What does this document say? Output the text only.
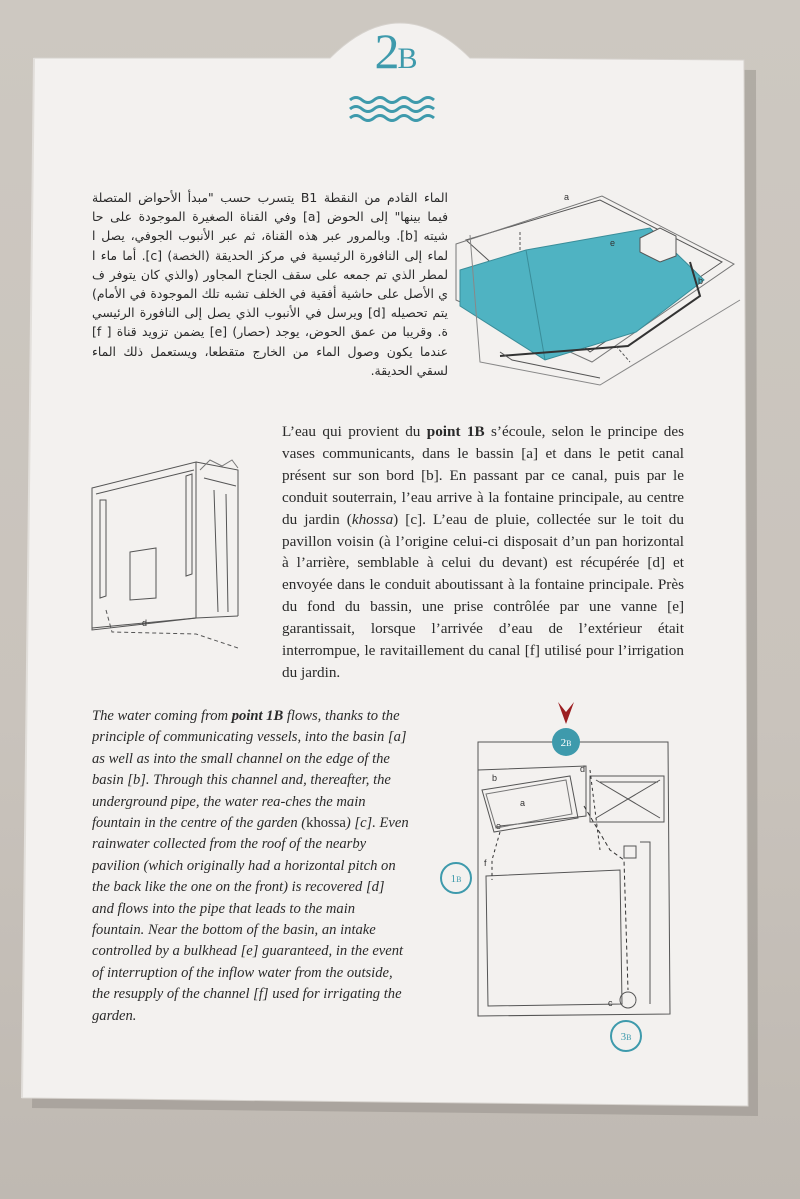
a
e
b
d
b
a
e
d
f
c
2B
1B
3B
2B
الماء القادم من النقطة B1 يتسرب حسب "مبدأ الأحواض المتصلة فيما بينها" إلى الحوض [a] وفي القناة الصغيرة الموجودة على حا شيته [b]. وبالمرور عبر هذه القناة، ثم عبر الأنبوب الجوفي، يصل ا لماء إلى النافورة الرئيسية في مركز الحديقة (الخصة) [c]. أما ماء ا لمطر الذي تم جمعه على سقف الجناح المجاور (والذي كان يتوفر ف ي الأصل على حاشية أفقية في الخلف تشبه تلك الموجودة في الأمام) يتم تحصيله [d] ويرسل في الأنبوب الذي يصل إلى النافورة الرئيسي ة. وقريبا من عمق الحوض، يوجد (حصار) [e] يضمن تزويد قناة [ f] عندما يكون وصول الماء من الخارج متقطعا، ويستعمل ذلك الماء لسقي الحديقة.
L’eau qui provient du point 1B s’écoule, selon le principe des vases communicants, dans le bassin [a] et dans le petit canal présent sur son bord [b]. En passant par ce canal, puis par le conduit souterrain, l’eau arrive à la fontaine principale, au centre du jardin (khossa) [c]. L’eau de pluie, collectée sur le toit du pavillon voisin (à l’origine celui-ci disposait d’un pan horizontal à l’arrière, semblable à celui du devant) est récupérée [d] et envoyée dans le conduit aboutissant à la fontaine principale. Près du fond du bassin, une prise contrôlée par une vanne [e] garantissait, lorsque l’arrivée d’eau de l’extérieur était interrompue, le ravitaillement du canal [f] utilisé pour l’irrigation du jardin.
The water coming from point 1B flows, thanks to the principle of communicating vessels, into the basin [a] as well as into the small channel on the edge of the basin [b]. Through this channel and, thereafter, the underground pipe, the water rea-ches the main fountain in the centre of the garden (khossa) [c]. Even rainwater collected from the roof of the nearby pavilion (which originally had a horizontal pitch on the back like the one on the front) is recovered [d] and flows into the pipe that leads to the main fountain. Near the bottom of the basin, an intake controlled by a bulkhead [e] guaranteed, in the event of interruption of the inflow water from the outside, the resupply of the channel [f] used for irrigating the garden.
